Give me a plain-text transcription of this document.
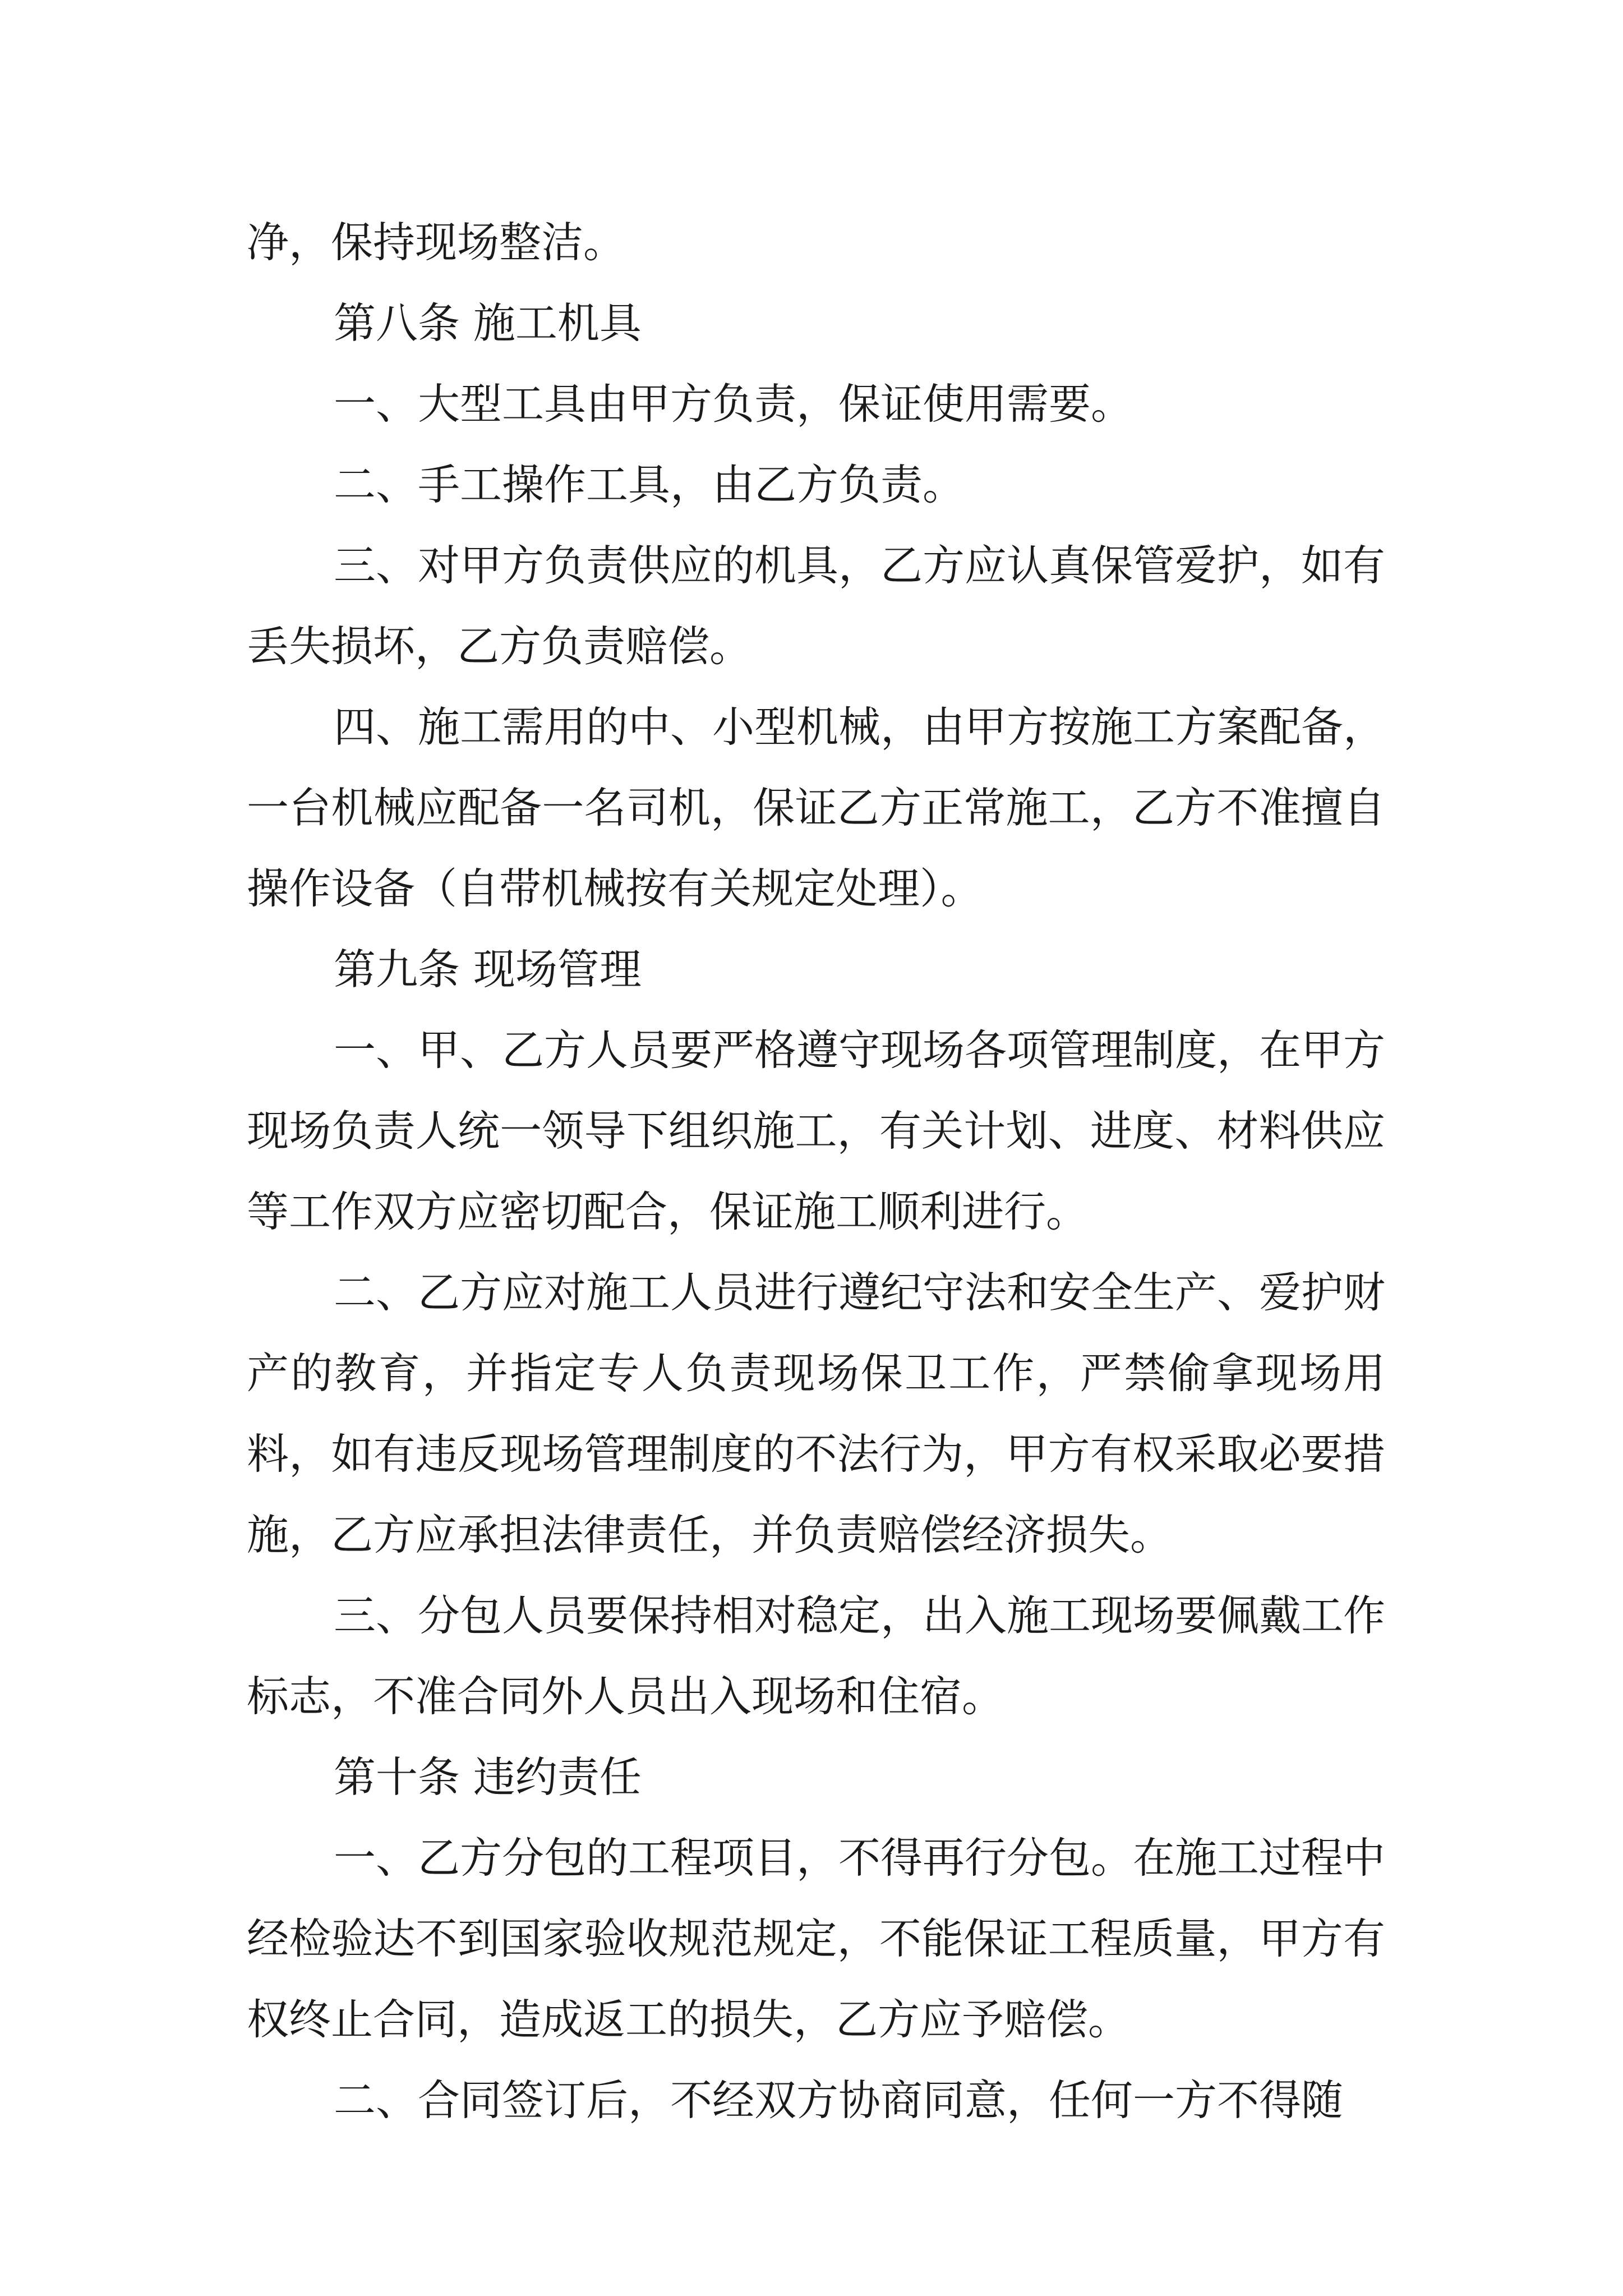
净，保持现场整洁。

第八条 施工机具

一、大型工具由甲方负责，保证使用需要。

二、手工操作工具，由乙方负责。

三、对甲方负责供应的机具，乙方应认真保管爱护，如有丢失损坏，乙方负责赔偿。

四、施工需用的中、小型机械，由甲方按施工方案配备，一台机械应配备一名司机，保证乙方正常施工，乙方不准擅自操作设备（自带机械按有关规定处理）。

第九条 现场管理

一、甲、乙方人员要严格遵守现场各项管理制度，在甲方现场负责人统一领导下组织施工，有关计划、进度、材料供应等工作双方应密切配合，保证施工顺利进行。

二、乙方应对施工人员进行遵纪守法和安全生产、爱护财产的教育，并指定专人负责现场保卫工作，严禁偷拿现场用料，如有违反现场管理制度的不法行为，甲方有权采取必要措施，乙方应承担法律责任，并负责赔偿经济损失。

三、分包人员要保持相对稳定，出入施工现场要佩戴工作标志，不准合同外人员出入现场和住宿。

第十条 违约责任

一、乙方分包的工程项目，不得再行分包。在施工过程中经检验达不到国家验收规范规定，不能保证工程质量，甲方有权终止合同，造成返工的损失，乙方应予赔偿。

二、合同签订后，不经双方协商同意，任何一方不得随
